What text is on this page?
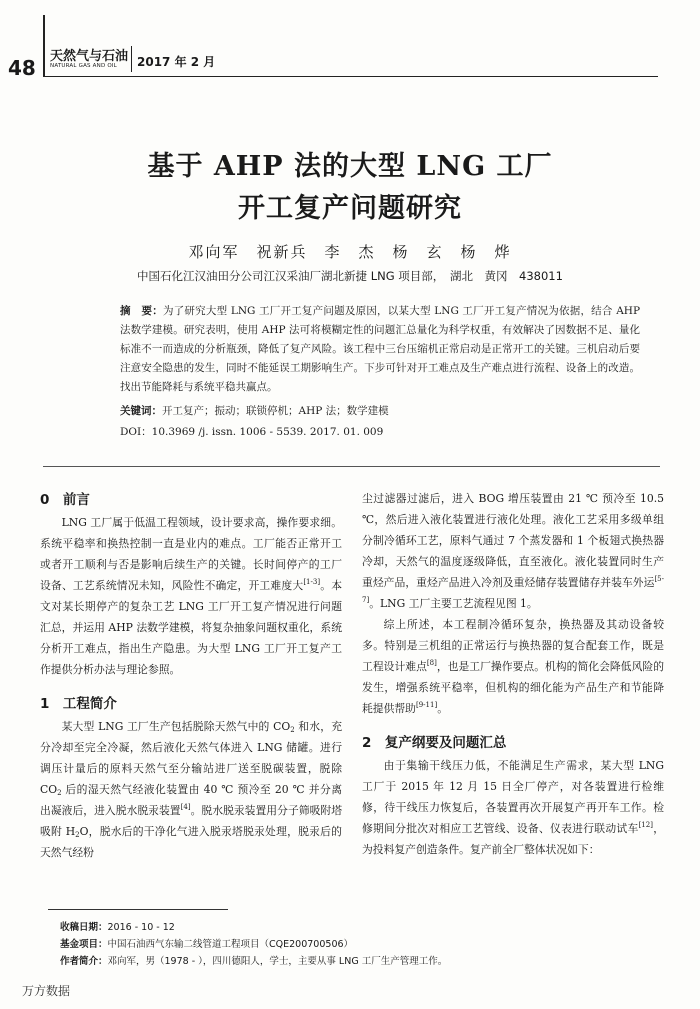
48 天然气与石油
NATURAL GAS AND OIL 2017 年 2 月
基于 AHP 法的大型 LNG 工厂
开工复产问题研究
邓向军　祝新兵　李　杰　杨　玄　杨　烨
中国石化江汉油田分公司江汉采油厂湖北新捷 LNG 项目部，　湖北　黄冈　438011
摘　要：为了研究大型 LNG 工厂开工复产问题及原因，以某大型 LNG 工厂开工复产情况为依据，结合 AHP 法数学建模。研究表明，使用 AHP 法可将模糊定性的问题汇总量化为科学权重，有效解决了因数据不足、量化标准不一而造成的分析瓶颈，降低了复产风险。该工程中三台压缩机正常启动是正常开工的关键。三机启动后要注意安全隐患的发生，同时不能延误工期影响生产。下步可针对开工难点及生产难点进行流程、设备上的改造。找出节能降耗与系统平稳共赢点。
关键词：开工复产；振动；联锁停机；AHP 法；数学建模
DOI：10.3969 /j. issn. 1006 - 5539. 2017. 01. 009
0　前言

LNG 工厂属于低温工程领域，设计要求高，操作要求细。系统平稳率和换热控制一直是业内的难点。工厂能否正常开工或者开工顺利与否是影响后续生产的关键。长时间停产的工厂设备、工艺系统情况未知，风险性不确定，开工难度大[1-3]。本文对某长期停产的复杂工艺 LNG 工厂开工复产情况进行问题汇总，并运用 AHP 法数学建模，将复杂抽象问题权重化，系统分析开工难点，指出生产隐患。为大型 LNG 工厂开工复产工作提供分析办法与理论参照。

1　工程简介

某大型 LNG 工厂生产包括脱除天然气中的 $CO_2$ 和水，充分冷却至完全冷凝，然后液化天然气体进入 LNG 储罐。进行调压计量后的原料天然气至分输站进厂送至脱碳装置，脱除 $CO_2$ 后的湿天然气经液化装置由 40 ℃ 预冷至 20 ℃ 并分离出凝液后，进入脱水脱汞装置[4]。脱水脱汞装置用分子筛吸附塔吸附 $H_2O$，脱水后的干净化气进入脱汞塔脱汞处理，脱汞后的天然气经粉

尘过滤器过滤后，进入 BOG 增压装置由 21 ℃ 预冷至 10.5 ℃，然后进入液化装置进行液化处理。液化工艺采用多级单组分制冷循环工艺，原料气通过 7 个蒸发器和 1 个板翅式换热器冷却，天然气的温度逐级降低，直至液化。液化装置同时生产重烃产品，重烃产品进入冷剂及重烃储存装置储存并装车外运[5-7]。LNG 工厂主要工艺流程见图 1。

综上所述，本工程制冷循环复杂，换热器及其动设备较多。特别是三机组的正常运行与换热器的复合配套工作，既是工程设计难点[8]，也是工厂操作要点。机构的简化会降低风险的发生，增强系统平稳率，但机构的细化能为产品生产和节能降耗提供帮助[9-11]。

2　复产纲要及问题汇总

由于集输干线压力低，不能满足生产需求，某大型 LNG 工厂于 2015 年 12 月 15 日全厂停产，对各装置进行检维修，待干线压力恢复后，各装置再次开展复产再开车工作。检修期间分批次对相应工艺管线、设备、仪表进行联动试车[12]，为投料复产创造条件。复产前全厂整体状况如下：

收稿日期：2016 - 10 - 12
基金项目：中国石油西气东输二线管道工程项目（CQE200700506）
作者简介：邓向军，男（1978 - ），四川德阳人，学士，主要从事 LNG 工厂生产管理工作。
万方数据
